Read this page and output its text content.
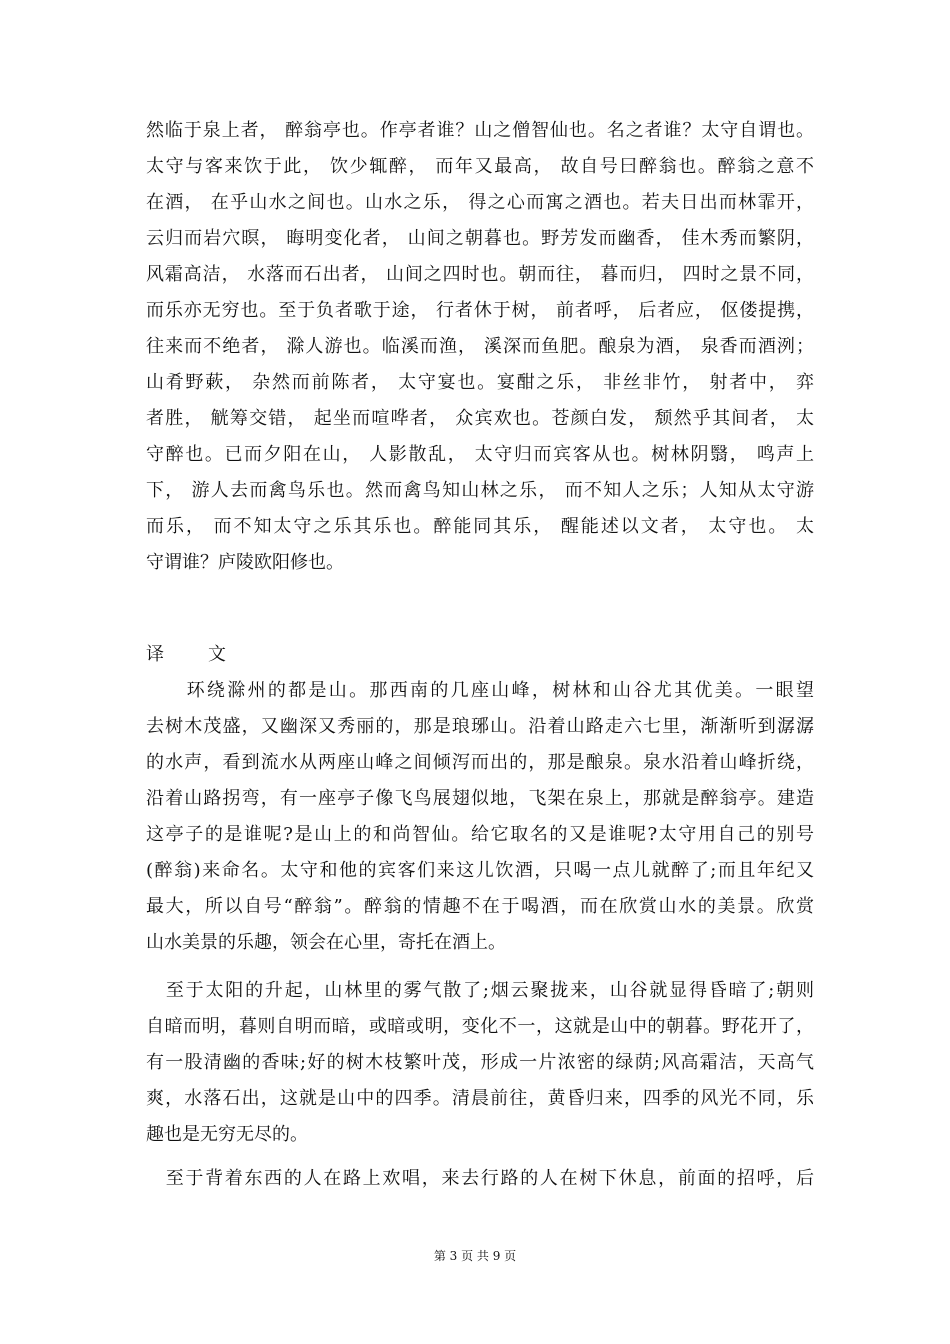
然临于泉上者， 醉翁亭也。作亭者谁？山之僧智仙也。名之者谁？太守自谓也。
太守与客来饮于此， 饮少辄醉， 而年又最高， 故自号曰醉翁也。醉翁之意不
在酒， 在乎山水之间也。山水之乐， 得之心而寓之酒也。若夫日出而林霏开，
云归而岩穴暝， 晦明变化者， 山间之朝暮也。野芳发而幽香， 佳木秀而繁阴，
风霜高洁， 水落而石出者， 山间之四时也。朝而往， 暮而归， 四时之景不同，
而乐亦无穷也。至于负者歌于途， 行者休于树， 前者呼， 后者应， 伛偻提携，
往来而不绝者， 滁人游也。临溪而渔， 溪深而鱼肥。酿泉为酒， 泉香而酒洌；
山肴野蔌， 杂然而前陈者， 太守宴也。宴酣之乐， 非丝非竹， 射者中， 弈
者胜， 觥筹交错， 起坐而喧哗者， 众宾欢也。苍颜白发， 颓然乎其间者， 太
守醉也。已而夕阳在山， 人影散乱， 太守归而宾客从也。树林阴翳， 鸣声上
下， 游人去而禽鸟乐也。然而禽鸟知山林之乐， 而不知人之乐；人知从太守游
而乐， 而不知太守之乐其乐也。醉能同其乐， 醒能述以文者， 太守也。 太
守谓谁？庐陵欧阳修也。
译文
　　环绕滁州的都是山。那西南的几座山峰，树林和山谷尤其优美。一眼望
去树木茂盛，又幽深又秀丽的，那是琅琊山。沿着山路走六七里，渐渐听到潺潺
的水声，看到流水从两座山峰之间倾泻而出的，那是酿泉。泉水沿着山峰折绕，
沿着山路拐弯，有一座亭子像飞鸟展翅似地，飞架在泉上，那就是醉翁亭。建造
这亭子的是谁呢?是山上的和尚智仙。给它取名的又是谁呢?太守用自己的别号
(醉翁)来命名。太守和他的宾客们来这儿饮酒，只喝一点儿就醉了;而且年纪又
最大，所以自号“醉翁”。醉翁的情趣不在于喝酒，而在欣赏山水的美景。欣赏
山水美景的乐趣，领会在心里，寄托在酒上。
　至于太阳的升起，山林里的雾气散了;烟云聚拢来，山谷就显得昏暗了;朝则
自暗而明，暮则自明而暗，或暗或明，变化不一，这就是山中的朝暮。野花开了，
有一股清幽的香味;好的树木枝繁叶茂，形成一片浓密的绿荫;风高霜洁，天高气
爽，水落石出，这就是山中的四季。清晨前往，黄昏归来，四季的风光不同，乐
趣也是无穷无尽的。
　至于背着东西的人在路上欢唱，来去行路的人在树下休息，前面的招呼，后
第 3 页 共 9 页
